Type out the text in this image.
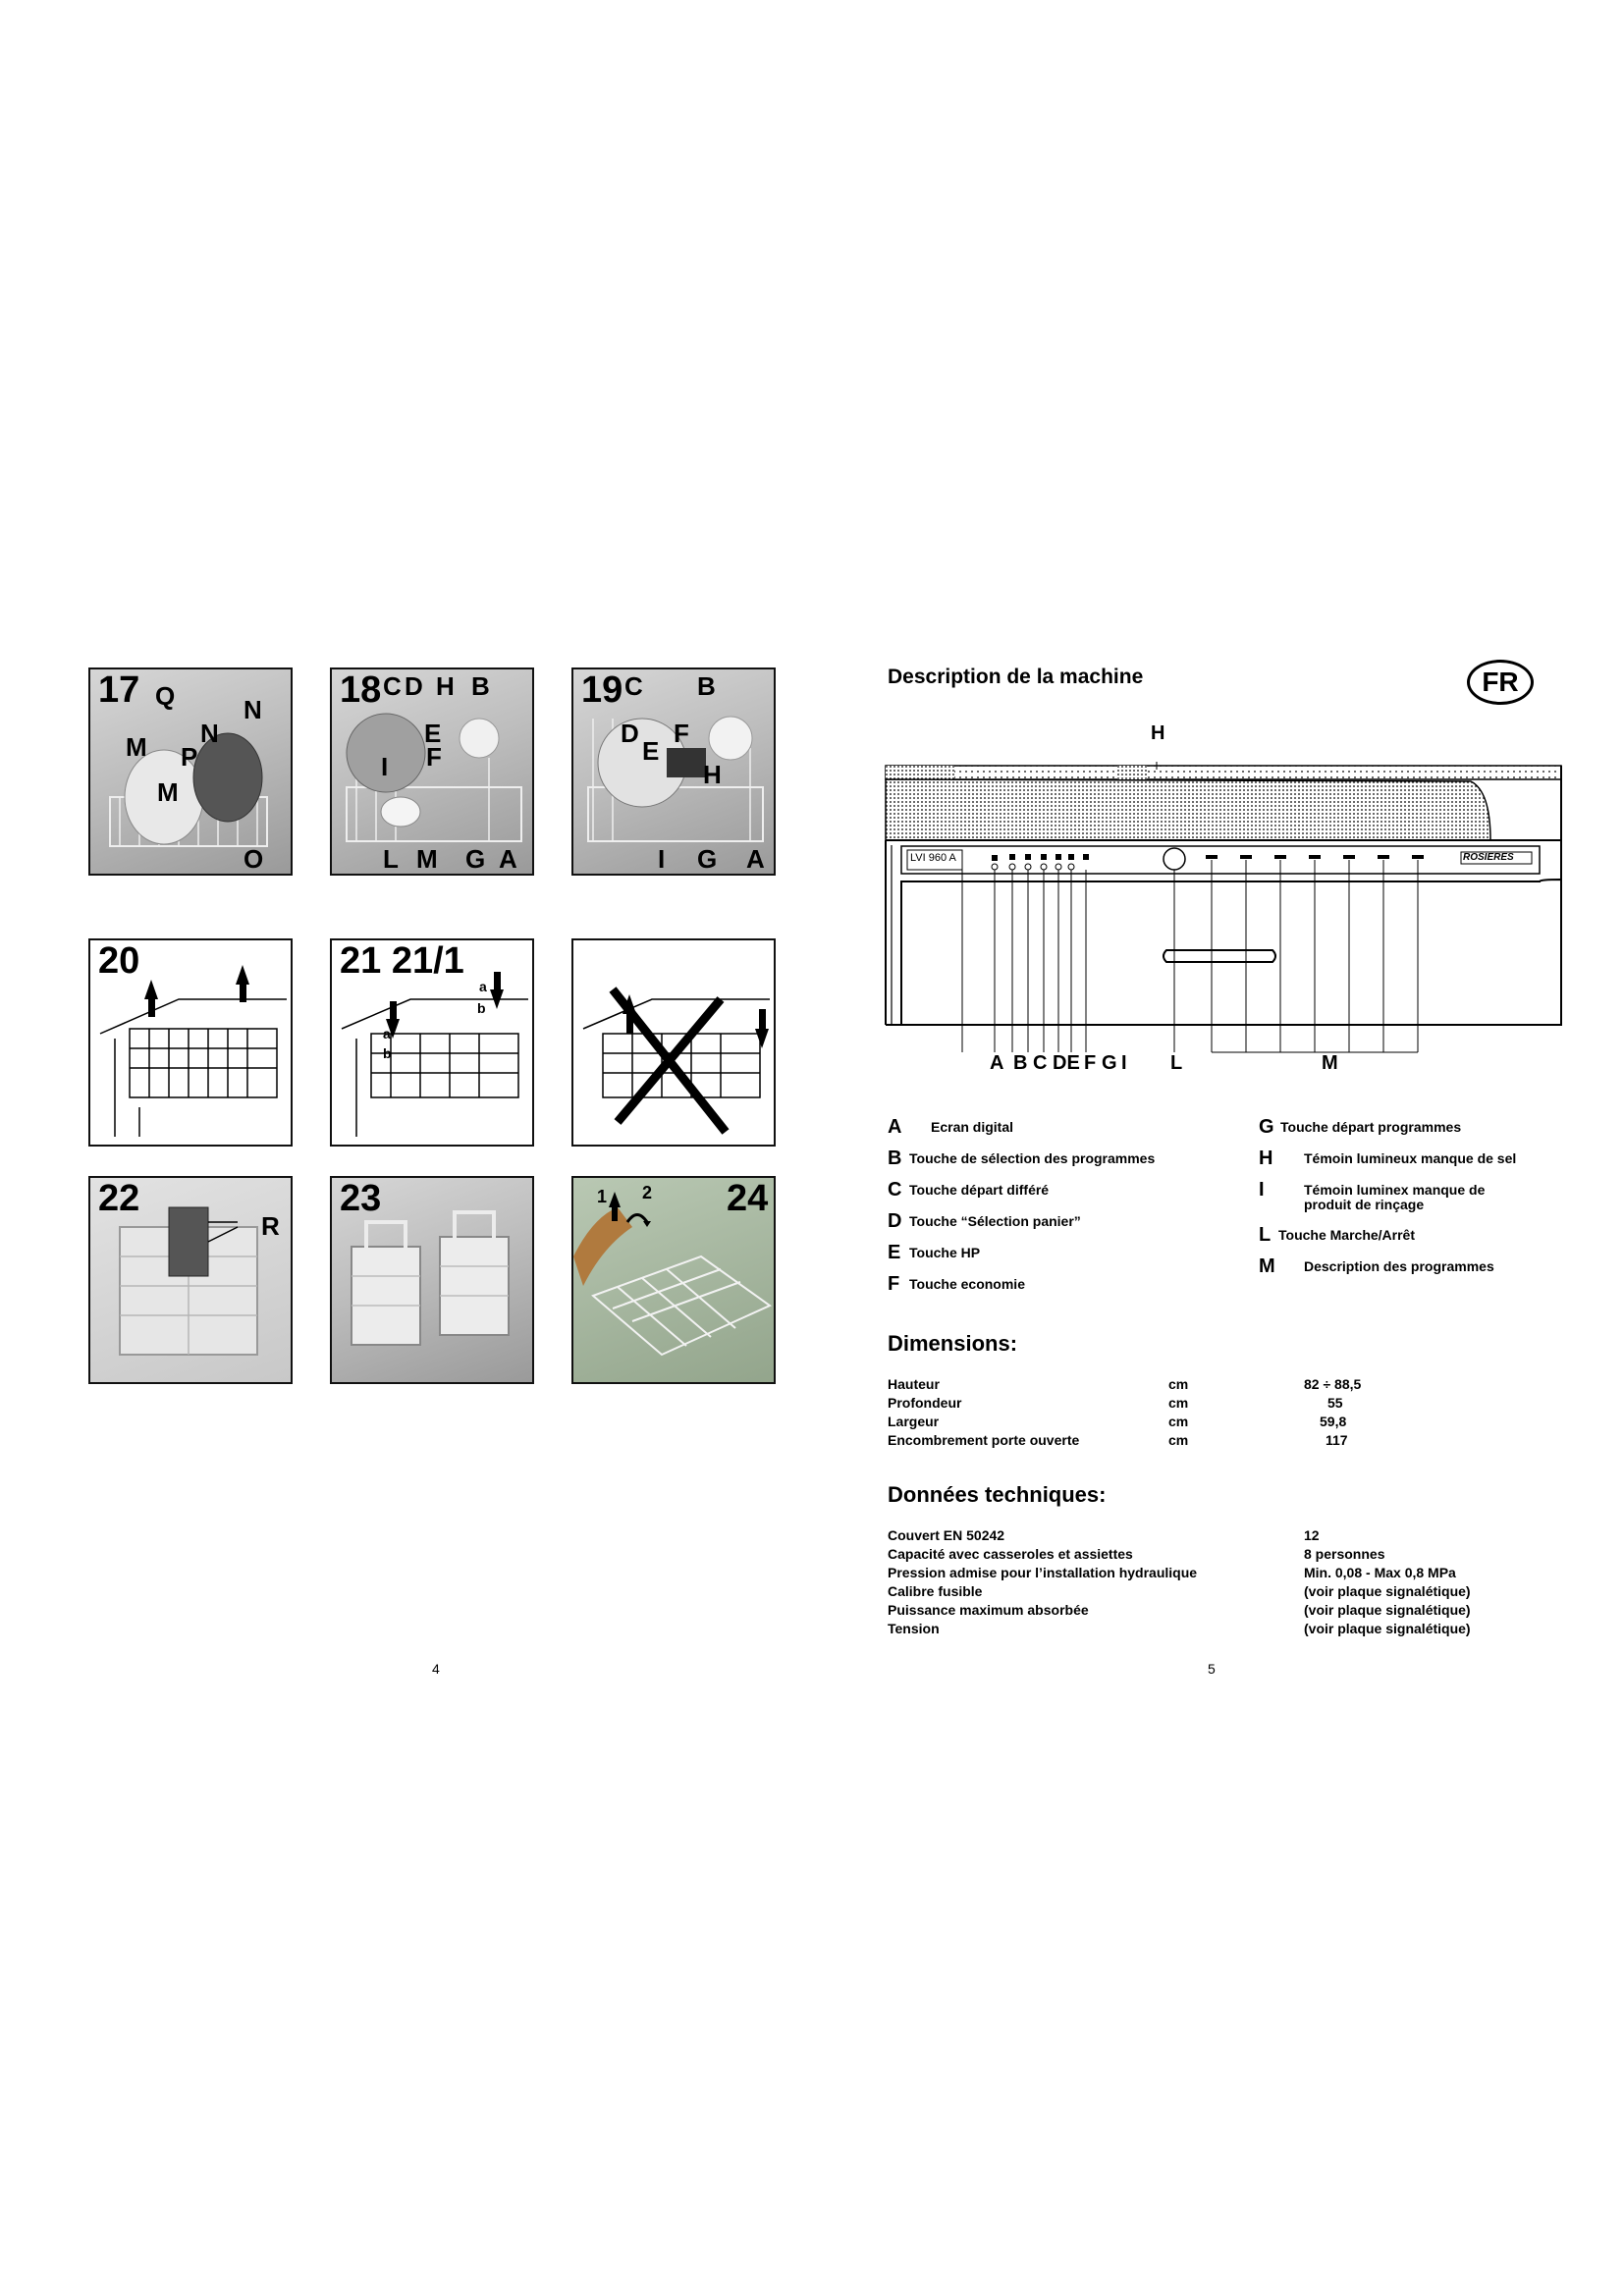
17 Q	N
M N
P
M
O
18 C D H B
E
I F
L M G A
19 C B
D F
E
H
I G A
20	21 21/1
a
b
a
b
22
R
23	24
1 2
4
Description de la machine	FR
LVI 960 A	ROSIERES
H
A B C DE F G I L	M
A	Ecran digital
B Touche de sélection des programmes
C Touche départ différé
D Touche “Sélection panier”
E Touche HP
F Touche economie
G Touche départ programmes
H	Témoin lumineux manque de sel
I	Témoin luminex manque de produit de rinçage
L Touche Marche/Arrêt
M	Description des programmes
Dimensions:
Hauteur	cm	82 ÷ 88,5
Profondeur	cm	55
Largeur	cm	59,8
Encombrement porte ouverte	cm	117
Données techniques:
Couvert EN 50242	12
Capacité avec casseroles et assiettes	8 personnes
Pression admise pour l’installation hydraulique	Min. 0,08 - Max 0,8 MPa
Calibre fusible	(voir plaque signalétique)
Puissance maximum absorbée	(voir plaque signalétique)
Tension	(voir plaque signalétique)
5
